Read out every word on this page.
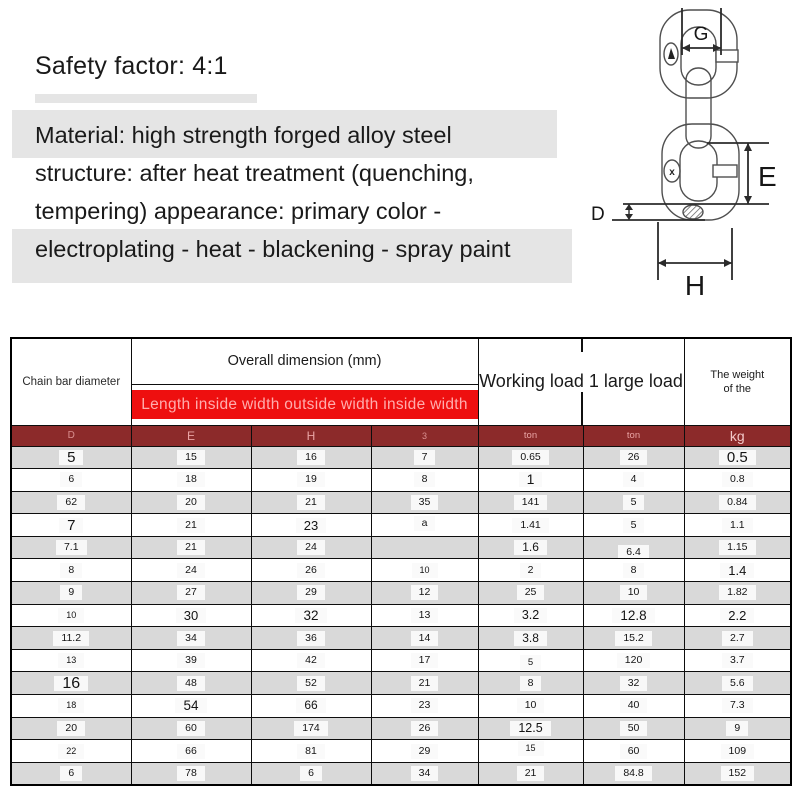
Safety factor: 4:1
Material: high strength forged alloy steel
structure: after heat treatment (quenching,
tempering) appearance: primary color -
electroplating - heat - blackening - spray paint
x
G
E
D
H
Chain bar diameter	Overall dimension (mm)			Working load 1 large load		The weight
of the

	Length inside width outside width inside width					

D	E	H	3	ton	ton	kg
5	15	16	7	0.65	26	0.5
6	18	19	8	1	4	0.8
62	20	21	35	141	5	0.84
7	21	23	a	1.41	5	1.1
7.1	21	24		1.6	6.4	1.15
8	24	26	10	2	8	1.4
9	27	29	12	25	10	1.82
10	30	32	13	3.2	12.8	2.2
11.2	34	36	14	3.8	15.2	2.7
13	39	42	17	5	120	3.7
16	48	52	21	8	32	5.6
18	54	66	23	10	40	7.3
20	60	174	26	12.5	50	9
22	66	81	29	15	60	109
6	78	6	34	21	84.8	152
